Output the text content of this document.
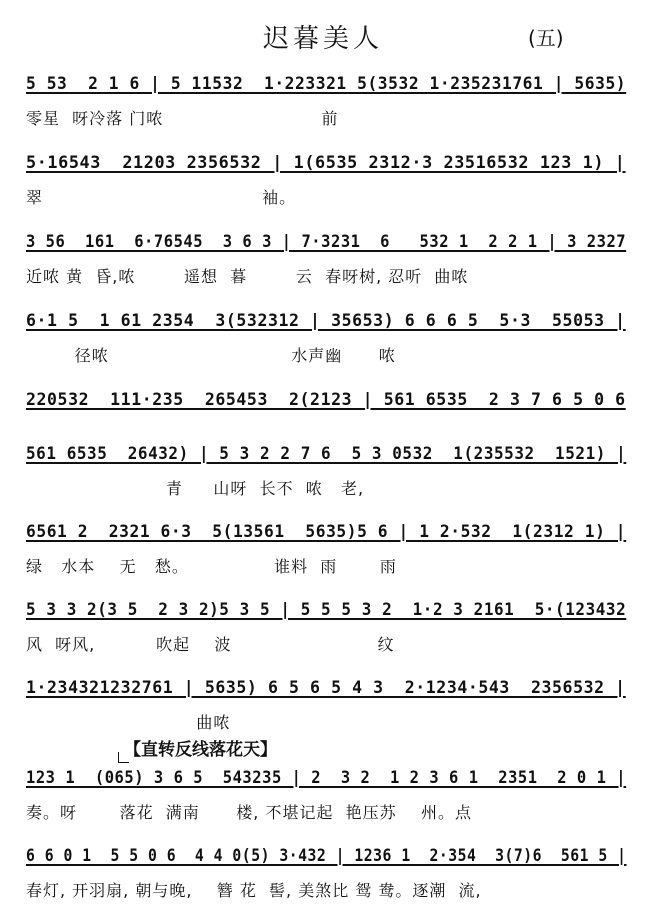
迟暮美人	(五)
5 53  2 1 6 | 5 11532  1·223321 5(3532 1·235231761 | 5635)
零星  呀冷落 门哝                          前
5·16543  21203 2356532 | 1(6535 2312·3 23516532 123 1) |
翠                                    袖。
3 56  161  6·76545  3 6 3 | 7·3231  6   532 1  2 2 1 | 3 2327
近哝 黄  昏,哝        遥想  暮        云  春呀树, 忍听  曲哝
6·1 5  1 61 2354  3(532312 | 35653) 6 6 6 5  5·3  55053 |
径哝                              水声幽      哝
220532  111·235  265453  2(2123 | 561 6535  2 3 7 6 5 0 6
561 6535  26432) | 5 3 2 2 7 6  5 3 0532  1(235532  1521) |
青     山呀  长不  哝   老,
6561 2  2321 6·3  5(13561  5635)5 6 | 1 2·532  1(2312 1) |
绿   水本    无   愁。              谁料  雨       雨
5 3 3 2(3 5  2 3 2)5 3 5 | 5 5 5 3 2  1·2 3 2161  5·(123432
风  呀风,          吹起    波                        纹
1·234321232761 | 5635) 6 5 6 5 4 3  2·1234·543  2356532 |
曲哝
【直转反线落花天】
123 1  (065) 3 6 5  543235 | 2  3 2  1 2 3 6 1  2351  2 0 1 |
奏。呀       落花  满南      楼, 不堪记起  艳压苏    州。点
6 6 0 1  5 5 0 6  4 4 0(5) 3·432 | 1236 1  2·354  3(7)6  561 5 |
春灯, 开羽扇, 朝与晚,    簪 花  髻, 美煞比 鸳 鸯。逐潮  流,
